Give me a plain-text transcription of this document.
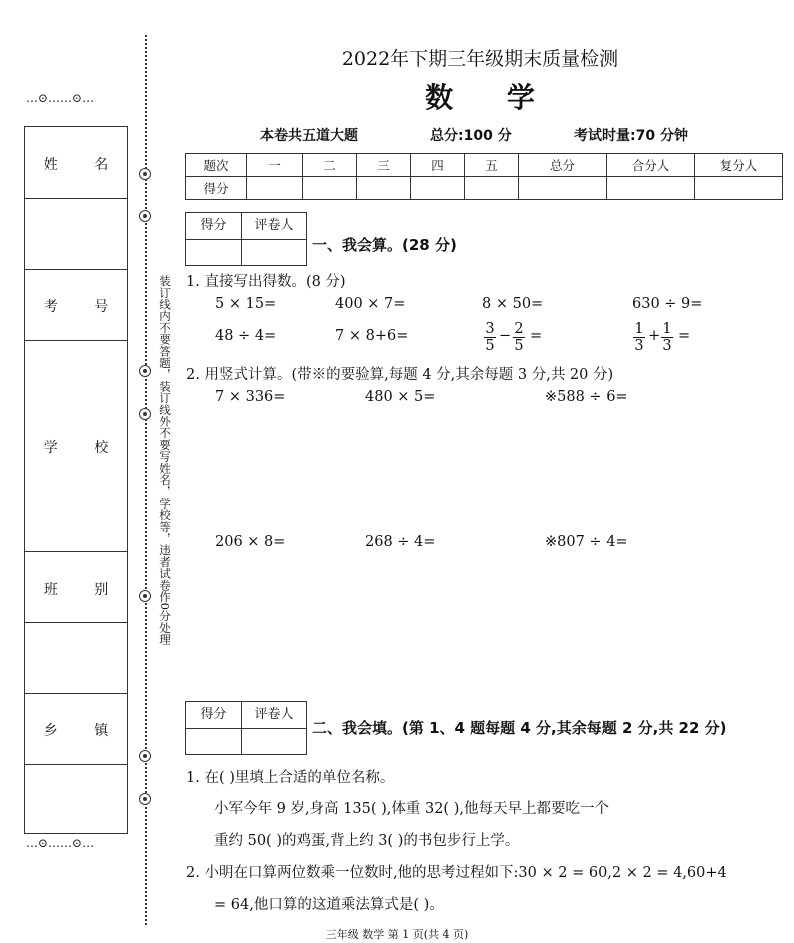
…⊙……⊙…
姓 名
考 号
学 校
班 别
乡 镇
…⊙……⊙…
装订线内不要答题，装订线外不要写姓名，学校等，违者试卷作0分处理
2022年下期三年级期末质量检测
数 学
本卷共五道大题	总分:100 分	考试时量:70 分钟
题次	一	二	三	四	五	总分	合分人	复分人
得分								
得分	评卷人
一、我会算。(28 分)
1. 直接写出得数。(8 分)
5 × 15=	400 × 7=	8 × 50=	630 ÷ 9=
48 ÷ 4=	7 × 8+6=	$\frac{3}{5} - \frac{2}{5}$ =	$\frac{1}{3} + \frac{1}{3}$ =
2. 用竖式计算。(带※的要验算,每题 4 分,其余每题 3 分,共 20 分)
7 × 336=	480 × 5=	※588 ÷ 6=
206 × 8=	268 ÷ 4=	※807 ÷ 4=
得分	评卷人
二、我会填。(第 1、4 题每题 4 分,其余每题 2 分,共 22 分)
1. 在( )里填上合适的单位名称。
小军今年 9 岁,身高 135( ),体重 32( ),他每天早上都要吃一个
重约 50( )的鸡蛋,背上约 3( )的书包步行上学。
2. 小明在口算两位数乘一位数时,他的思考过程如下:30 × 2 = 60,2 × 2 = 4,60+4
= 64,他口算的这道乘法算式是( )。
三年级 数学 第 1 页(共 4 页)
